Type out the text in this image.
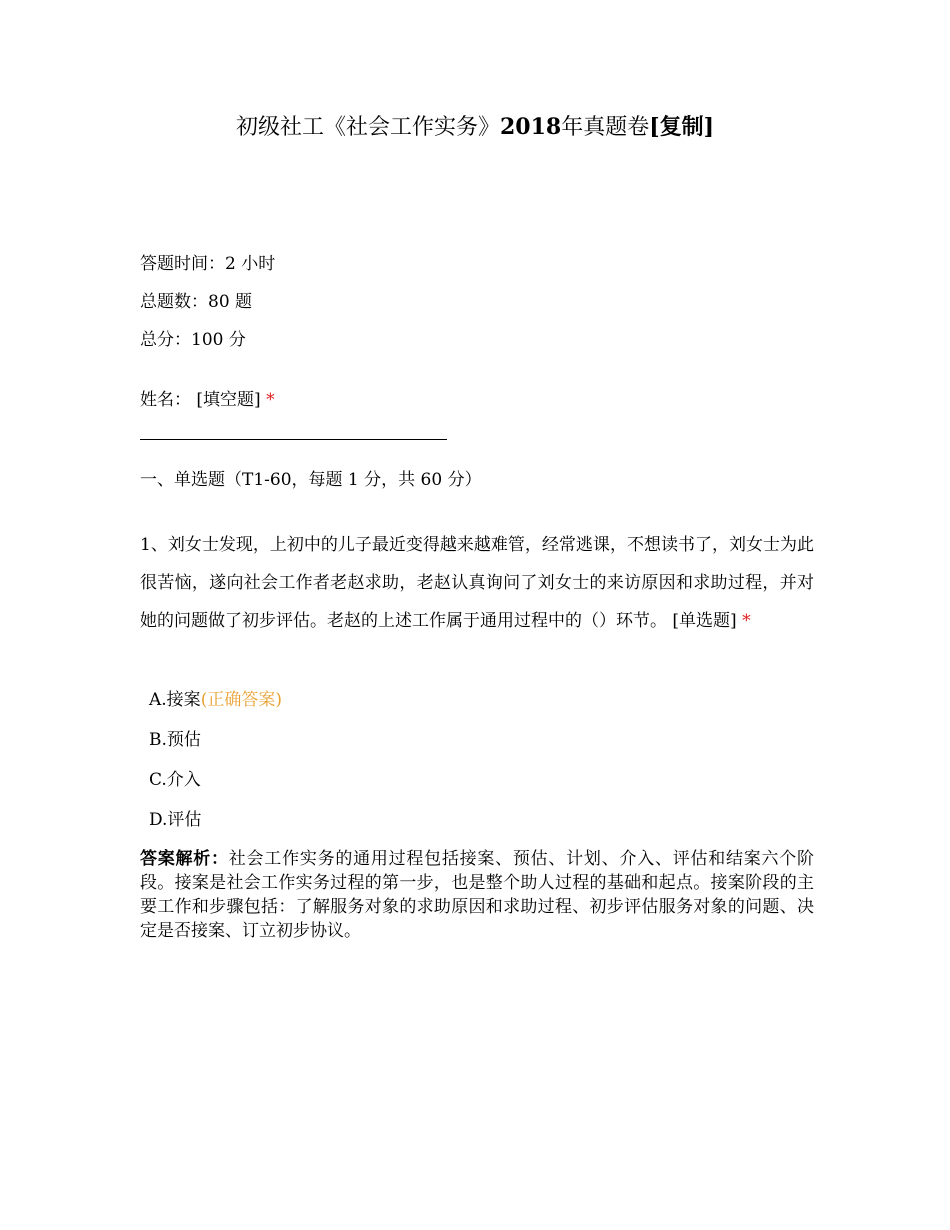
初级社工《社会工作实务》2018年真题卷[复制]
答题时间：2 小时
总题数：80 题
总分：100 分
姓名： [填空题] *
一、单选题（T1-60，每题 1 分，共 60 分）
1、刘女士发现，上初中的儿子最近变得越来越难管，经常逃课，不想读书了，刘女士为此很苦恼，遂向社会工作者老赵求助，老赵认真询问了刘女士的来访原因和求助过程，并对她的问题做了初步评估。老赵的上述工作属于通用过程中的（）环节。 [单选题] *
A.接案(正确答案)
B.预估
C.介入
D.评估
答案解析：社会工作实务的通用过程包括接案、预估、计划、介入、评估和结案六个阶段。接案是社会工作实务过程的第一步，也是整个助人过程的基础和起点。接案阶段的主要工作和步骤包括：了解服务对象的求助原因和求助过程、初步评估服务对象的问题、决定是否接案、订立初步协议。
